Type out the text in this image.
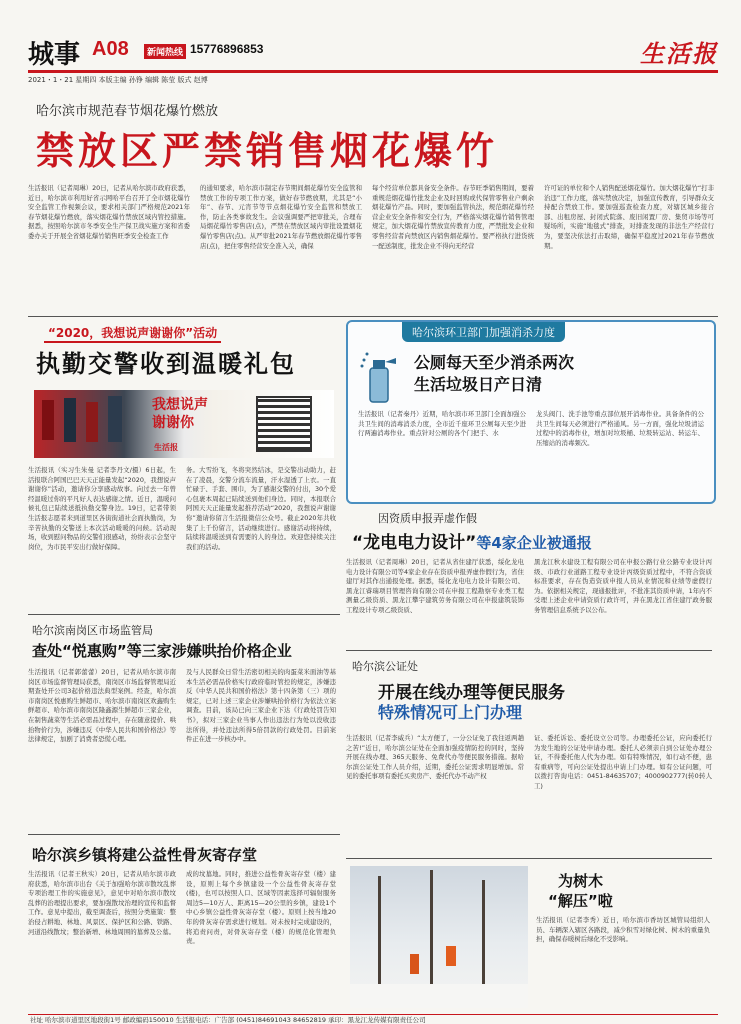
城事 A08	新闻热线 15776896853	生活报
2021・1・21 星期四 本版主编 孙铮 编辑 陈莹 版式 赵博
哈尔滨市规范春节烟花爆竹燃放
禁放区严禁销售烟花爆竹
生活报讯（记者周琳）20日，记者从哈尔滨市政府获悉，近日，哈尔滨市利用好省示网哈平台召开了全市烟花爆竹安全监管工作视频会议，要求相关部门严格规范2021年春节烟花爆竹燃放，落实烟花爆竹禁放区域内管控措施。据悉，按照哈尔滨市冬季安全生产保卫战实施方案和省委委办关于开展全省烟花爆竹销售旺季安全检查工作
的通知要求，哈尔滨市制定春节期间烟花爆竹安全监管和禁放工作的专项工作方案，做好春节燃放期，尤其是“小年”、春节、元宵节等节点烟花爆竹安全监管和禁放工作，防止各类事故发生。会议强调要严把审批关，合理布局烟花爆竹零售店(点)，严禁在禁放区域内审批设置烟花爆竹零售店(点)。从严审批2021年春节燃放烟花爆竹零售店(点)，把住零售经营安全准入关，确保
每个经营单位都具备安全条件。春节旺季销售期间，要着重规范烟花爆竹批发企业及时回购或代保管零售业户剩余烟花爆竹产品。同时，要加强监管执法，规范烟花爆竹经营企业安全条件和安全行为，严格落实烟花爆竹销售管理规定，加大烟花爆竹禁放宣传教育力度，严禁批发企业和零售经营者向禁放区内销售烟花爆竹。要严格执行进货统一配送制度，批发企业不得向无经营
许可证的单位和个人销售配送烟花爆竹。加大烟花爆竹“打非治违”工作力度，落实禁放决定，加强宣传教育，引导群众支持配合禁放工作。要加强巡查检查力度，对辖区城乡接合部、出租房屋、封闭式院落、废旧闲置厂房、集贸市场等可疑场所，实施“地毯式”排查，对排查发现的非法生产经营行为，要坚决依法打击取缔，确保平稳度过2021年春节燃放期。
“2020，我想说声谢谢你”活动
执勤交警收到温暖礼包
我想说声 谢谢你
生活报
生活报讯（实习生朱曼 记者李丹文/摄）6日起，生活报联合阿国巴巴天天正能量发起“2020，我想说声谢谢你”活动，邀请你分享感动故事。向过去一年曾经温暖过你的平凡好人表达感谢之情。近日，温暖问候礼包已陆续送抵执勤交警身边。19日，记者带领生活报志愿者来到道里区各街街道社会面执勤岗，为辛苦执勤的交警送上本次活动暖暖的问候。活动现场，收到慰问物品的交警们很感动，纷纷表示会坚守岗位，为市民平安出行做好保障。
务。大雪纷飞，冬将突然结冰，是交警出动助力，赶在了凌晨，交警分流车流量，汗水湿透了上衣。一直忙碌于、手套、围巾，为了感谢交警的付出，30个爱心包裹本周起已陆续送到他们身边。同时，本报联合阿国天天正能量发起推荐活动“2020，我想说声谢谢你”邀请你留言生活报微信公众号。截止2020年共收集了上千份留言，活动继续进行。感谢活动将持续，陆续将温暖送到有需要的人的身边。欢迎您持续关注我们的活动。
哈尔滨环卫部门加强消杀力度
公厕每天至少消杀两次
生活垃圾日产日清
生活报讯（记者秦丹）近期，哈尔滨市环卫部门全面加强公共卫生间的消毒消杀力度，全市近千座环卫公厕每天至少进行两遍消毒作业。重点针对公厕的各个门把手、水
龙头阀门、洗手池等重点部位展开消毒作业。具备条件的公共卫生间每天必须进行严格通风。另一方面，强化垃圾清运过程中的消毒作业，增加对垃圾桶、垃圾转运站、转运车、压缩站的消毒频次。
因资质申报弄虚作假
“龙电电力设计”等4家企业被通报
生活报讯（记者周琳）20日，记者从省住建厅获悉，绥化龙电电力设计有限公司等4家企业存在资质申报弄虚作假行为，省住建厅对其作出通报处理。据悉，绥化龙电电力设计有限公司、黑龙江睿瑞项目管理咨询有限公司在申报工程勘察专业类工程测量乙级资质、黑龙江攀宇建筑劳务有限公司在申报建筑装饰工程设计专项乙级资质、
黑龙江秋水建设工程有限公司在申报公路行业公路专业设计丙级、市政行业道路工程专业设计丙级资质过程中，不符合资质标准要求，存在伪造资质申报人员从业情况和业绩等虚假行为。依据相关规定，现通报批评，不批准其资质申请，1年内不受理上述企业申请资质行政许可，并在黑龙江省住建厅政务服务管理信息系统予以公布。
哈尔滨南岗区市场监管局
查处“悦惠购”等三家涉嫌哄抬价格企业
生活报讯（记者郭蕾蕾）20日，记者从哈尔滨市南岗区市场监督管理局获悉，南岗区市场监督管理局近期查处开公司3起价格违法典型案例。经查，哈尔滨市南岗区悦惠购生鲜超市、哈尔滨市南岗区欢鑫购生鲜超市、哈尔滨市南岗区隆鑫源生鲜超市三家企业，在制售蔬菜等生活必需品过程中，存在随意提价、哄抬物价行为，涉嫌违反《中华人民共和国价格法》等法律规定，加剧了消费者恐慌心理。
及与人民群众日常生活密切相关的肉蛋菜米面油等基本生活必需品价格实行政府临时管控的规定，涉嫌违反《中华人民共和国价格法》第十四条第（三）项的规定，已对上述三家企业涉嫌哄抬价格行为依法立案调查。目前，该局已向三家企业下达《行政处罚告知书》，拟对三家企业当事人作出违法行为处以没收违法所得，并处违法所得5倍罚款的行政处罚。目前案件正在进一步核办中。
哈尔滨公证处
开展在线办理等便民服务
特殊情况可上门办理
生活报讯（记者李威兵）“太方便了，一分公证免了我往返两趟之苦!”近日，哈尔滨公证处在全面加强疫情防控的同时，坚持开展在线办理、365天服务、免费代办等便民服务措施。据哈尔滨公证处工作人员介绍，近期，委托公证需求明显增加。常见的委托事项有委托买卖房产、委托代办不动产权
证、委托诉讼、委托设立公司等。办理委托公证，应向委托行为发生地的公证处申请办理。委托人必须亲自到公证处办理公证，不得委托他人代为办理。如有特殊情况，如行动不便，患有重病等，可向公证处提出申请上门办理。如有公证问题，可以拨打咨询电话：0451-84635707；4000902777(转0转人工)
哈尔滨乡镇将建公益性骨灰寄存堂
生活报讯（记者王秋实）20日，记者从哈尔滨市政府获悉，哈尔滨市出台《关于加强哈尔滨市散坟乱葬专项治理工作的实施意见》，意见中对哈尔滨市散坟乱葬的治理提出要求，要加强散坟治理的宣传和监督工作。意见中提出，截至调查后，按照分类施策：整治侵占耕地、林地、风景区、保护区和公路、铁路、河道沿线散坟；整治新增、林地周围的墓葬及公墓。
成的坟墓地。同时，推进公益性骨灰寄存堂（楼）建设，原则上每个乡镇建设一个公益性骨灰寄存堂(楼)，也可以按照人口、区域等因素选择可辐射服务周边5—10万人、距离15—20公里的乡镇，建设1个中心乡镇公益性骨灰寄存堂（楼）。原则上按当地20年的骨灰寄存需求进行规划。对未按时完成建设的，将追责问责，对骨灰寄存堂（楼）的规范化管理负责。
为树木
“解压”啦
生活报讯（记者李秀）近日，哈尔滨市香坊区城管局组织人员、车辆深入辖区各路段，减少积雪对绿化树、树木的重量负担，确保春暖树后绿化不受影响。
社址 哈尔滨市道里区地段街1号 邮政编码150010 生活报电话：广告部 (0451)84691043 84652819 承印：黑龙江龙传媒有限责任公司
